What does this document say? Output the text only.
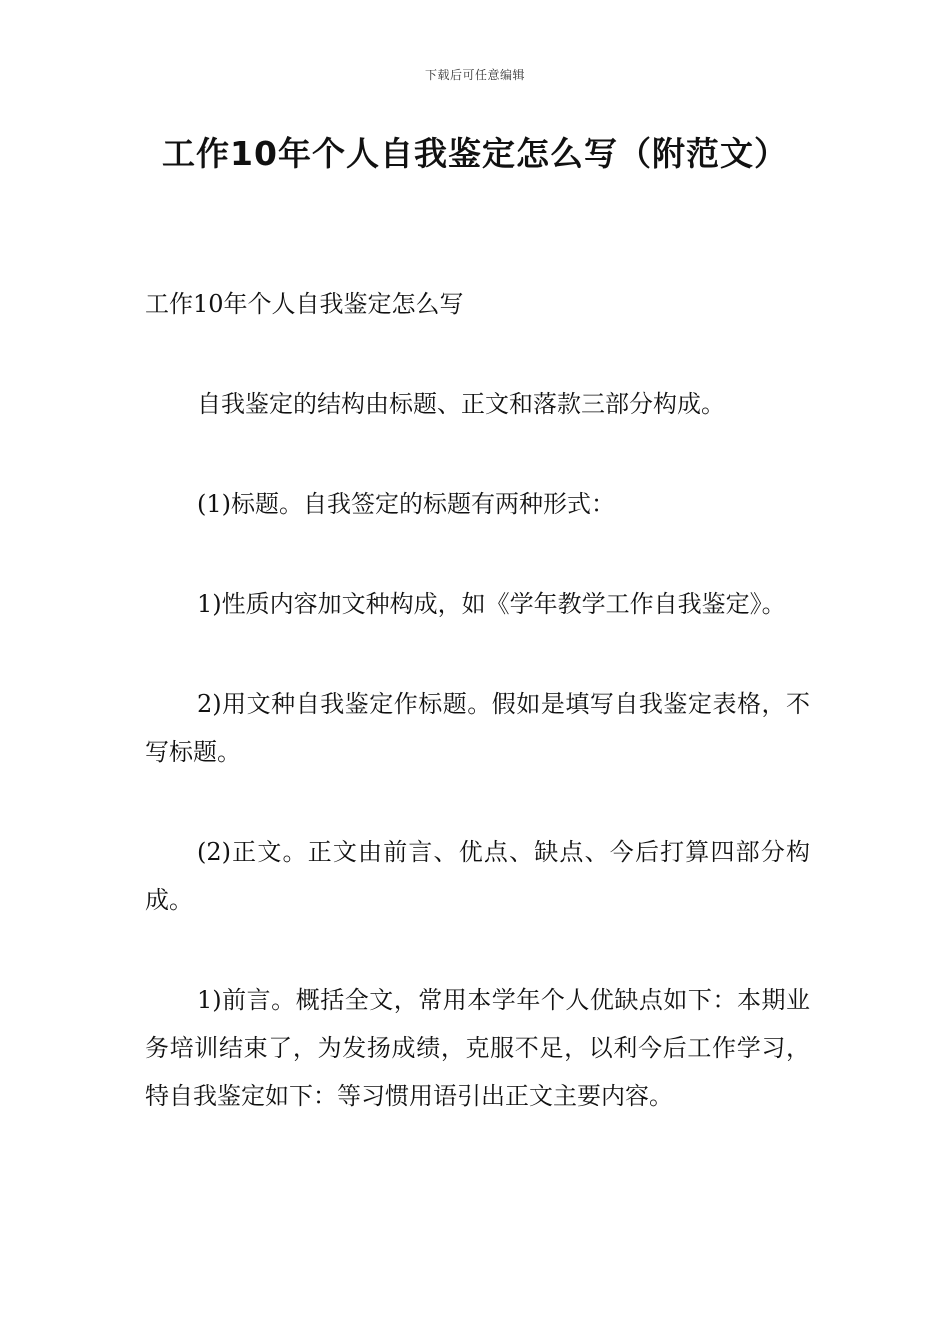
下载后可任意编辑
工作10年个人自我鉴定怎么写（附范文）

工作10年个人自我鉴定怎么写

自我鉴定的结构由标题、正文和落款三部分构成。

(1)标题。自我签定的标题有两种形式：

1)性质内容加文种构成，如《学年教学工作自我鉴定》。

2)用文种自我鉴定作标题。假如是填写自我鉴定表格，不写标题。

(2)正文。正文由前言、优点、缺点、今后打算四部分构成。

1)前言。概括全文，常用本学年个人优缺点如下：本期业务培训结束了，为发扬成绩，克服不足，以利今后工作学习，特自我鉴定如下：等习惯用语引出正文主要内容。
